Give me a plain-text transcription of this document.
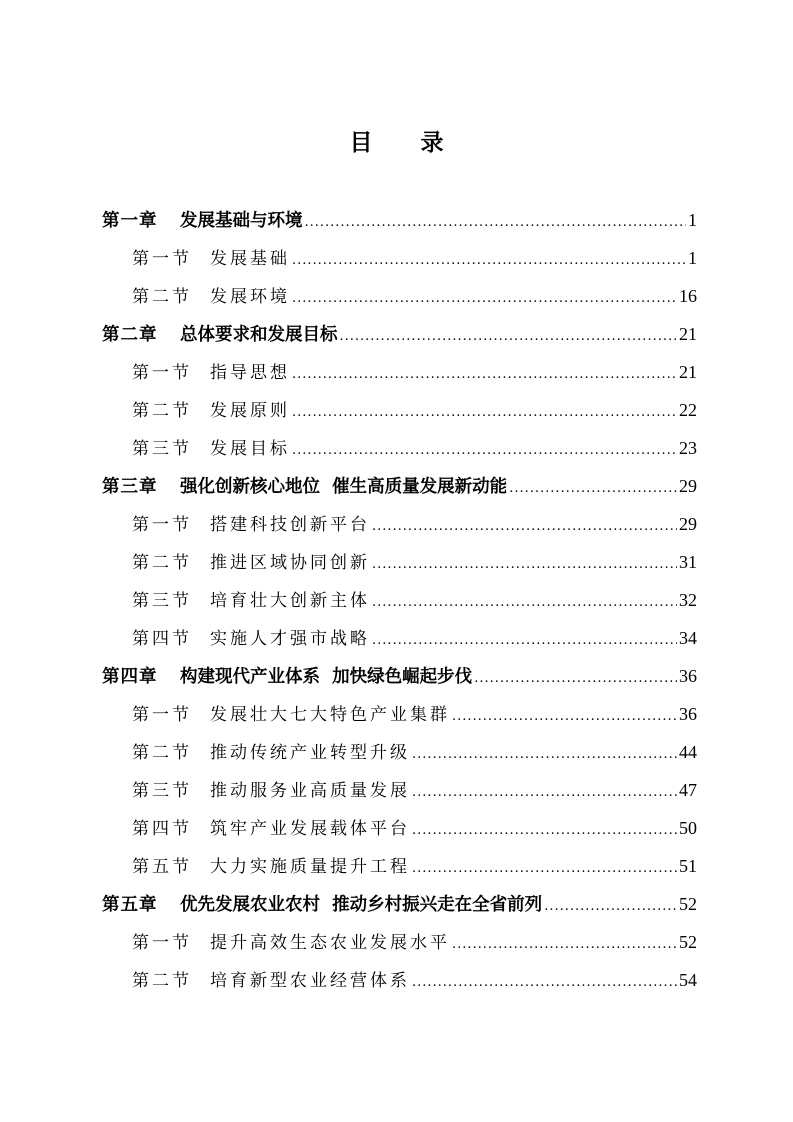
目 录
第一章	发展基础与环境 .....	1
第一节	发展基础 .....	1
第二节	发展环境 .....	16
第二章	总体要求和发展目标 .....	21
第一节	指导思想 .....	21
第二节	发展原则 .....	22
第三节	发展目标 .....	23
第三章	强化创新核心地位  催生高质量发展新动能 .....	29
第一节	搭建科技创新平台 .....	29
第二节	推进区域协同创新 .....	31
第三节	培育壮大创新主体 .....	32
第四节	实施人才强市战略 .....	34
第四章	构建现代产业体系  加快绿色崛起步伐 .....	36
第一节	发展壮大七大特色产业集群 .....	36
第二节	推动传统产业转型升级 .....	44
第三节	推动服务业高质量发展 .....	47
第四节	筑牢产业发展载体平台 .....	50
第五节	大力实施质量提升工程 .....	51
第五章	优先发展农业农村  推动乡村振兴走在全省前列 .....	52
第一节	提升高效生态农业发展水平 .....	52
第二节	培育新型农业经营体系 .....	54
